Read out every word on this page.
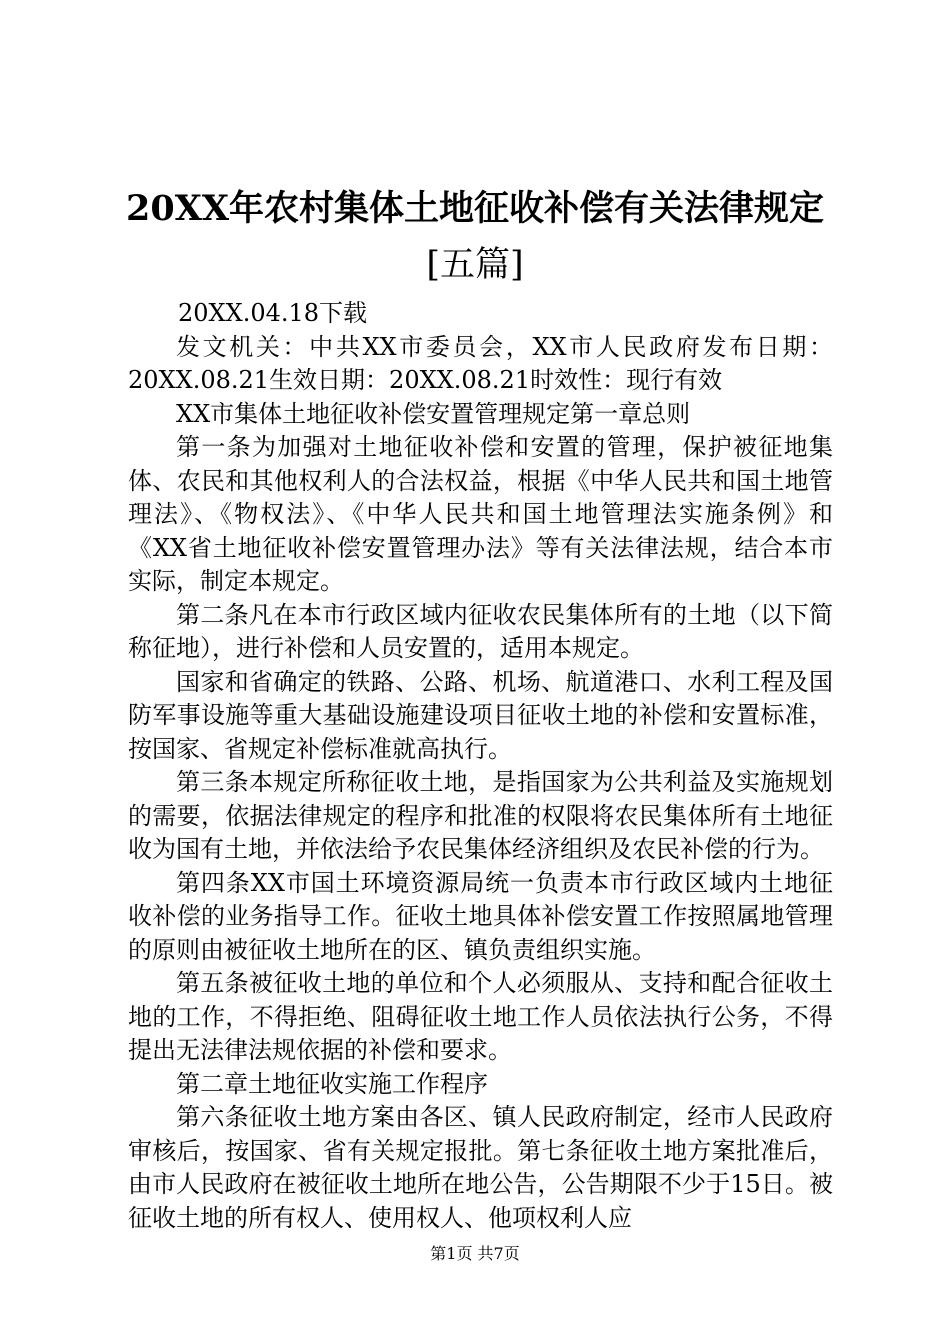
20XX年农村集体土地征收补偿有关法律规定
[五篇]

20XX.04.18下载

发文机关：中共XX市委员会，XX市人民政府发布日期：20XX.08.21生效日期：20XX.08.21时效性：现行有效

XX市集体土地征收补偿安置管理规定第一章总则

第一条为加强对土地征收补偿和安置的管理，保护被征地集体、农民和其他权利人的合法权益，根据《中华人民共和国土地管理法》、《物权法》、《中华人民共和国土地管理法实施条例》和《XX省土地征收补偿安置管理办法》等有关法律法规，结合本市实际，制定本规定。

第二条凡在本市行政区域内征收农民集体所有的土地（以下简称征地），进行补偿和人员安置的，适用本规定。

国家和省确定的铁路、公路、机场、航道港口、水利工程及国防军事设施等重大基础设施建设项目征收土地的补偿和安置标准，按国家、省规定补偿标准就高执行。

第三条本规定所称征收土地，是指国家为公共利益及实施规划的需要，依据法律规定的程序和批准的权限将农民集体所有土地征收为国有土地，并依法给予农民集体经济组织及农民补偿的行为。

第四条XX市国土环境资源局统一负责本市行政区域内土地征收补偿的业务指导工作。征收土地具体补偿安置工作按照属地管理的原则由被征收土地所在的区、镇负责组织实施。

第五条被征收土地的单位和个人必须服从、支持和配合征收土地的工作，不得拒绝、阻碍征收土地工作人员依法执行公务，不得提出无法律法规依据的补偿和要求。

第二章土地征收实施工作程序

第六条征收土地方案由各区、镇人民政府制定，经市人民政府审核后，按国家、省有关规定报批。第七条征收土地方案批准后，由市人民政府在被征收土地所在地公告，公告期限不少于15日。被征收土地的所有权人、使用权人、他项权利人应

第1页 共7页
